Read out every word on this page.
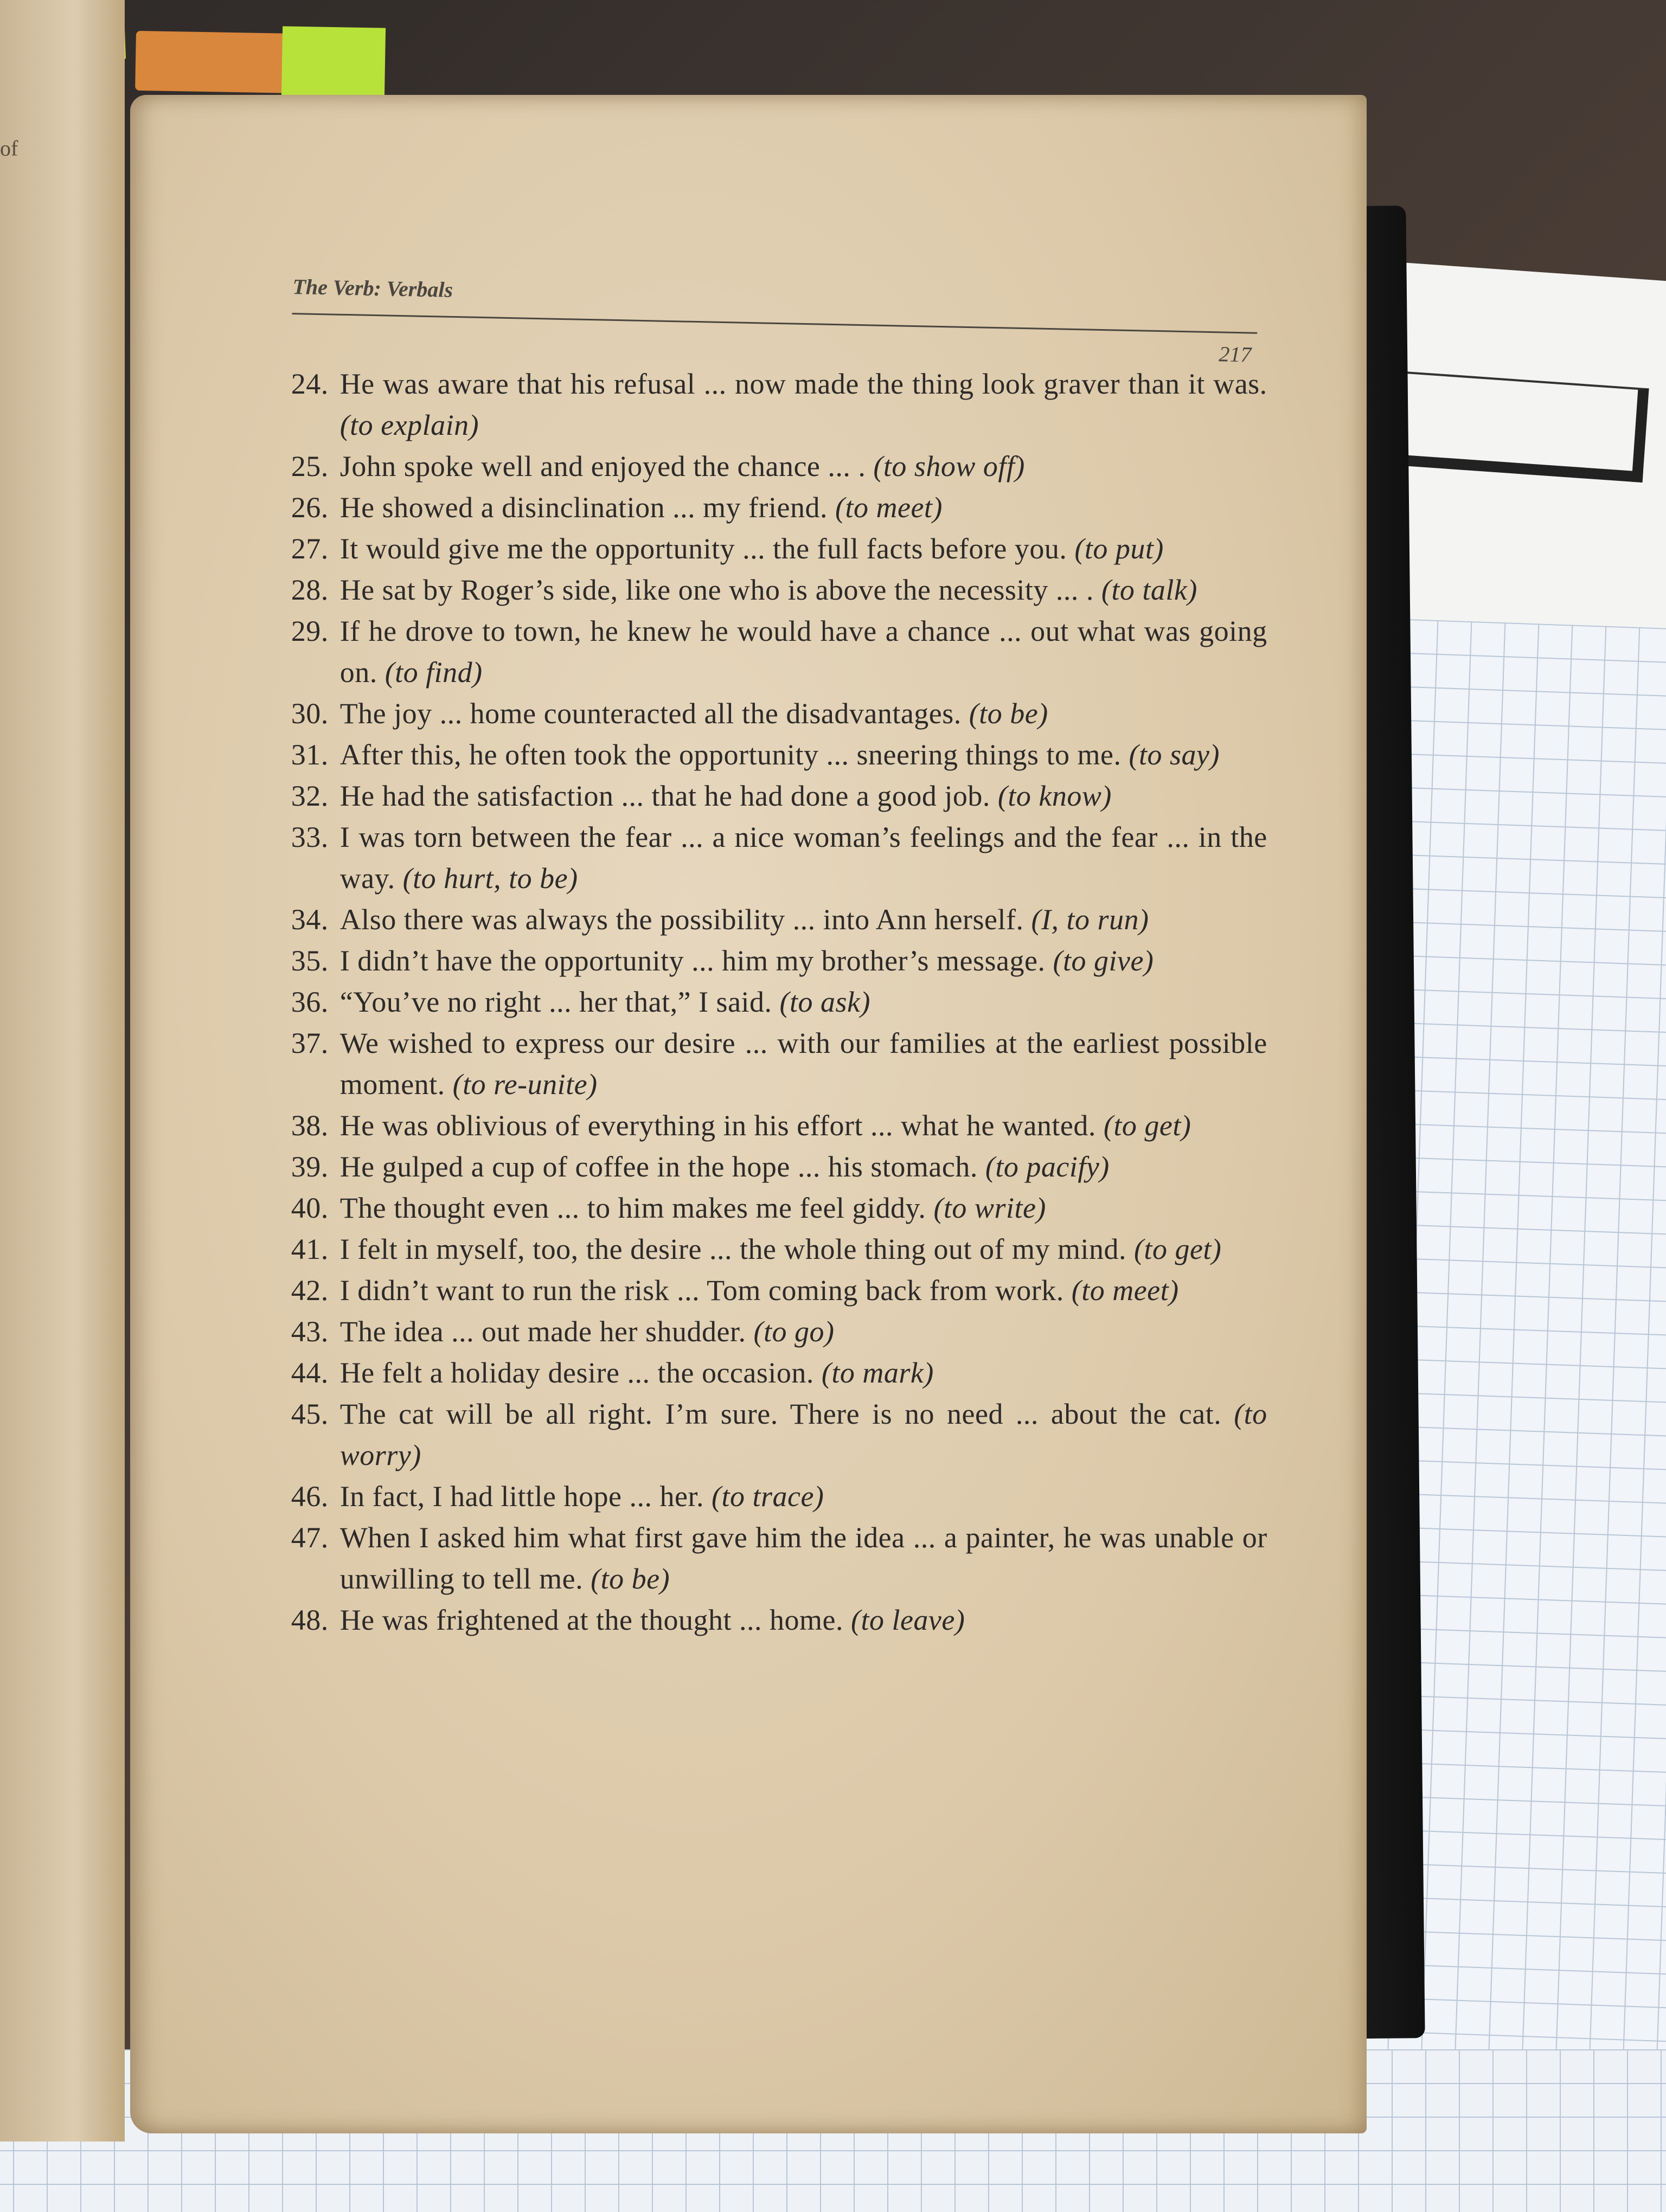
of
The Verb: Verbals
217

24. He was aware that his refusal ... now made the thing look graver than it was. (to explain)

25. John spoke well and enjoyed the chance ... . (to show off)

26. He showed a disinclination ... my friend. (to meet)

27. It would give me the opportunity ... the full facts before you. (to put)

28. He sat by Roger’s side, like one who is above the necessity ... . (to talk)

29. If he drove to town, he knew he would have a chance ... out what was going on. (to find)

30. The joy ... home counteracted all the disadvantages. (to be)

31. After this, he often took the opportunity ... sneering things to me. (to say)

32. He had the satisfaction ... that he had done a good job. (to know)

33. I was torn between the fear ... a nice woman’s feelings and the fear ... in the way. (to hurt, to be)

34. Also there was always the possibility ... into Ann herself. (I, to run)

35. I didn’t have the opportunity ... him my brother’s message. (to give)

36. “You’ve no right ... her that,” I said. (to ask)

37. We wished to express our desire ... with our families at the earliest possible moment. (to re-unite)

38. He was oblivious of everything in his effort ... what he wanted. (to get)

39. He gulped a cup of coffee in the hope ... his stomach. (to pacify)

40. The thought even ... to him makes me feel giddy. (to write)

41. I felt in myself, too, the desire ... the whole thing out of my mind. (to get)

42. I didn’t want to run the risk ... Tom coming back from work. (to meet)

43. The idea ... out made her shudder. (to go)

44. He felt a holiday desire ... the occasion. (to mark)

45. The cat will be all right. I’m sure. There is no need ... about the cat. (to worry)

46. In fact, I had little hope ... her. (to trace)

47. When I asked him what first gave him the idea ... a painter, he was unable or unwilling to tell me. (to be)

48. He was frightened at the thought ... home. (to leave)
